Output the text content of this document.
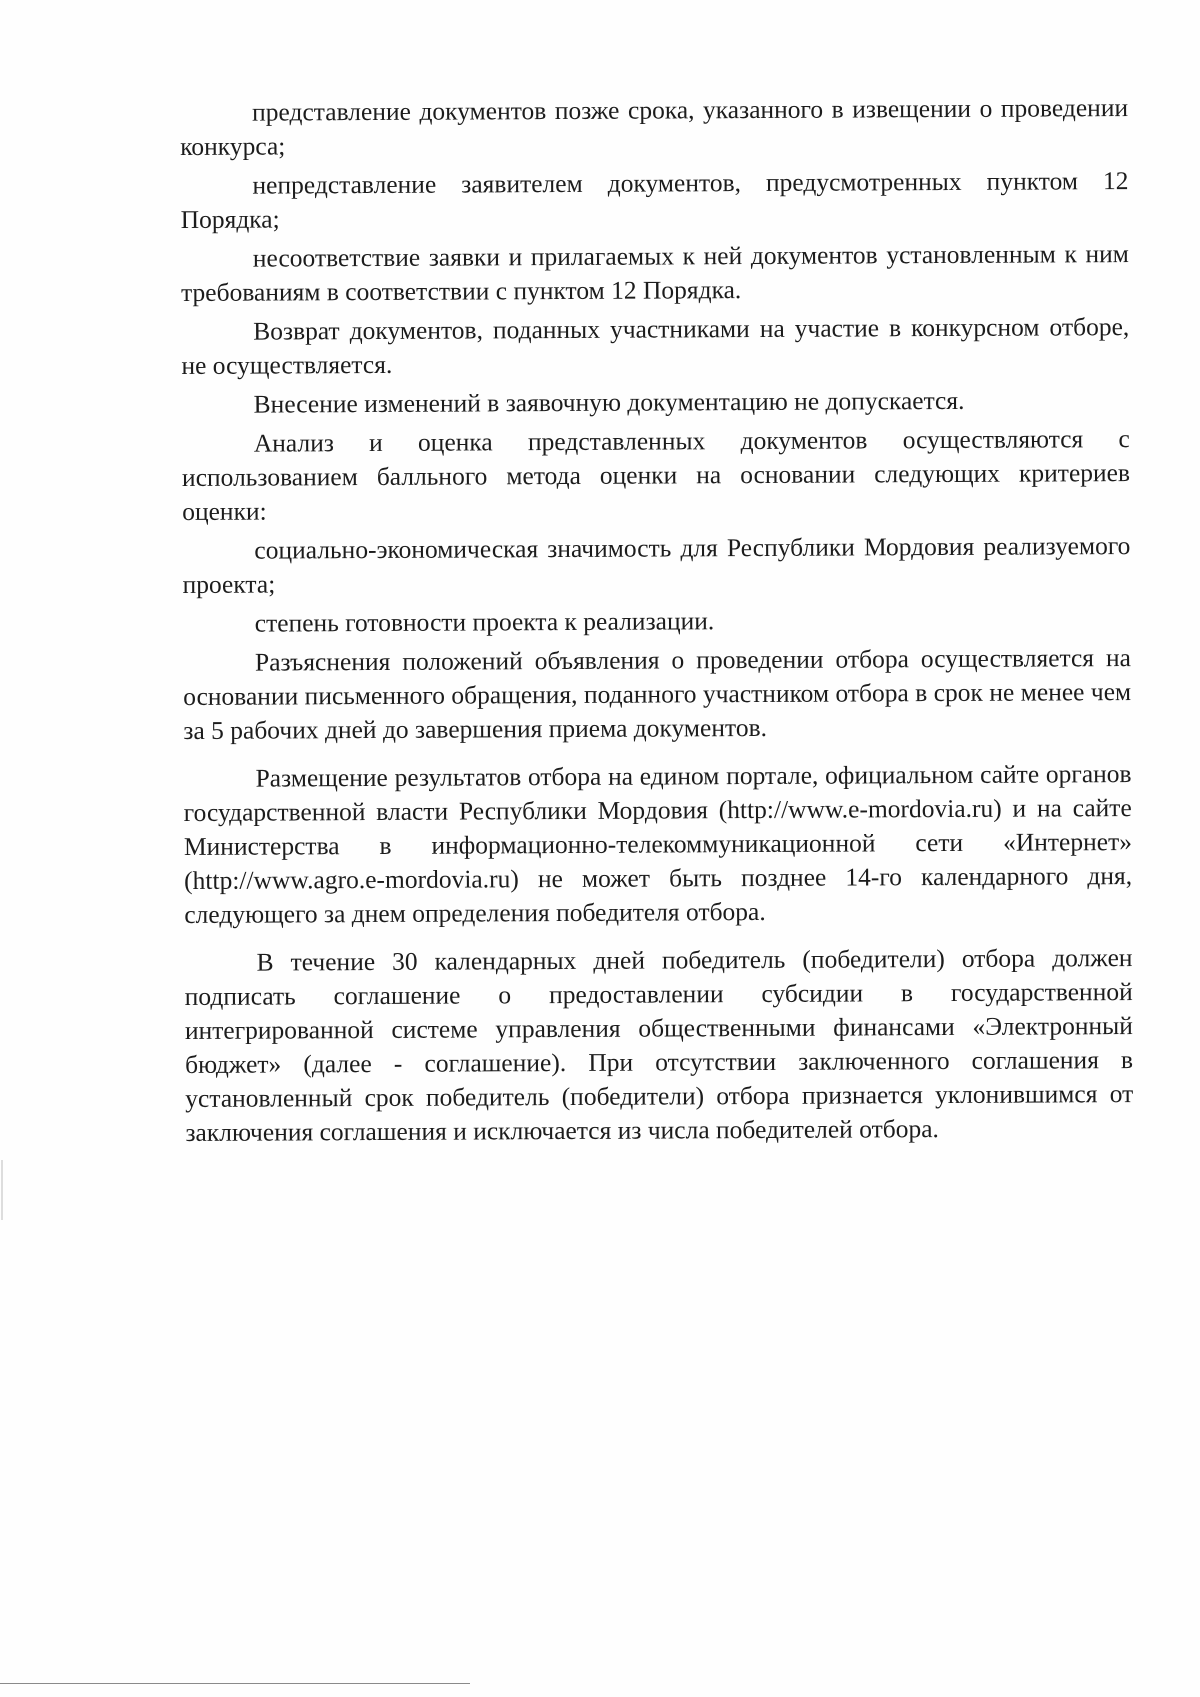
представление документов позже срока, указанного в извещении о проведении конкурса;

непредставление заявителем документов, предусмотренных пунктом 12 Порядка;

несоответствие заявки и прилагаемых к ней документов установленным к ним требованиям в соответствии с пунктом 12 Порядка.

Возврат документов, поданных участниками на участие в конкурсном отборе, не осуществляется.

Внесение изменений в заявочную документацию не допускается.

Анализ и оценка представленных документов осуществляются с использованием балльного метода оценки на основании следующих критериев оценки:

социально-экономическая значимость для Республики Мордовия реализуемого проекта;

степень готовности проекта к реализации.

Разъяснения положений объявления о проведении отбора осуществляется на основании письменного обращения, поданного участником отбора в срок не менее чем за 5 рабочих дней до завершения приема документов.

Размещение результатов отбора на едином портале, официальном сайте органов государственной власти Республики Мордовия (http://www.e-mordovia.ru) и на сайте Министерства в информационно-телекоммуникационной сети «Интернет» (http://www.agro.e-mordovia.ru) не может быть позднее 14-го календарного дня, следующего за днем определения победителя отбора.

В течение 30 календарных дней победитель (победители) отбора должен подписать соглашение о предоставлении субсидии в государственной интегрированной системе управления общественными финансами «Электронный бюджет» (далее - соглашение). При отсутствии заключенного соглашения в установленный срок победитель (победители) отбора признается уклонившимся от заключения соглашения и исключается из числа победителей отбора.
